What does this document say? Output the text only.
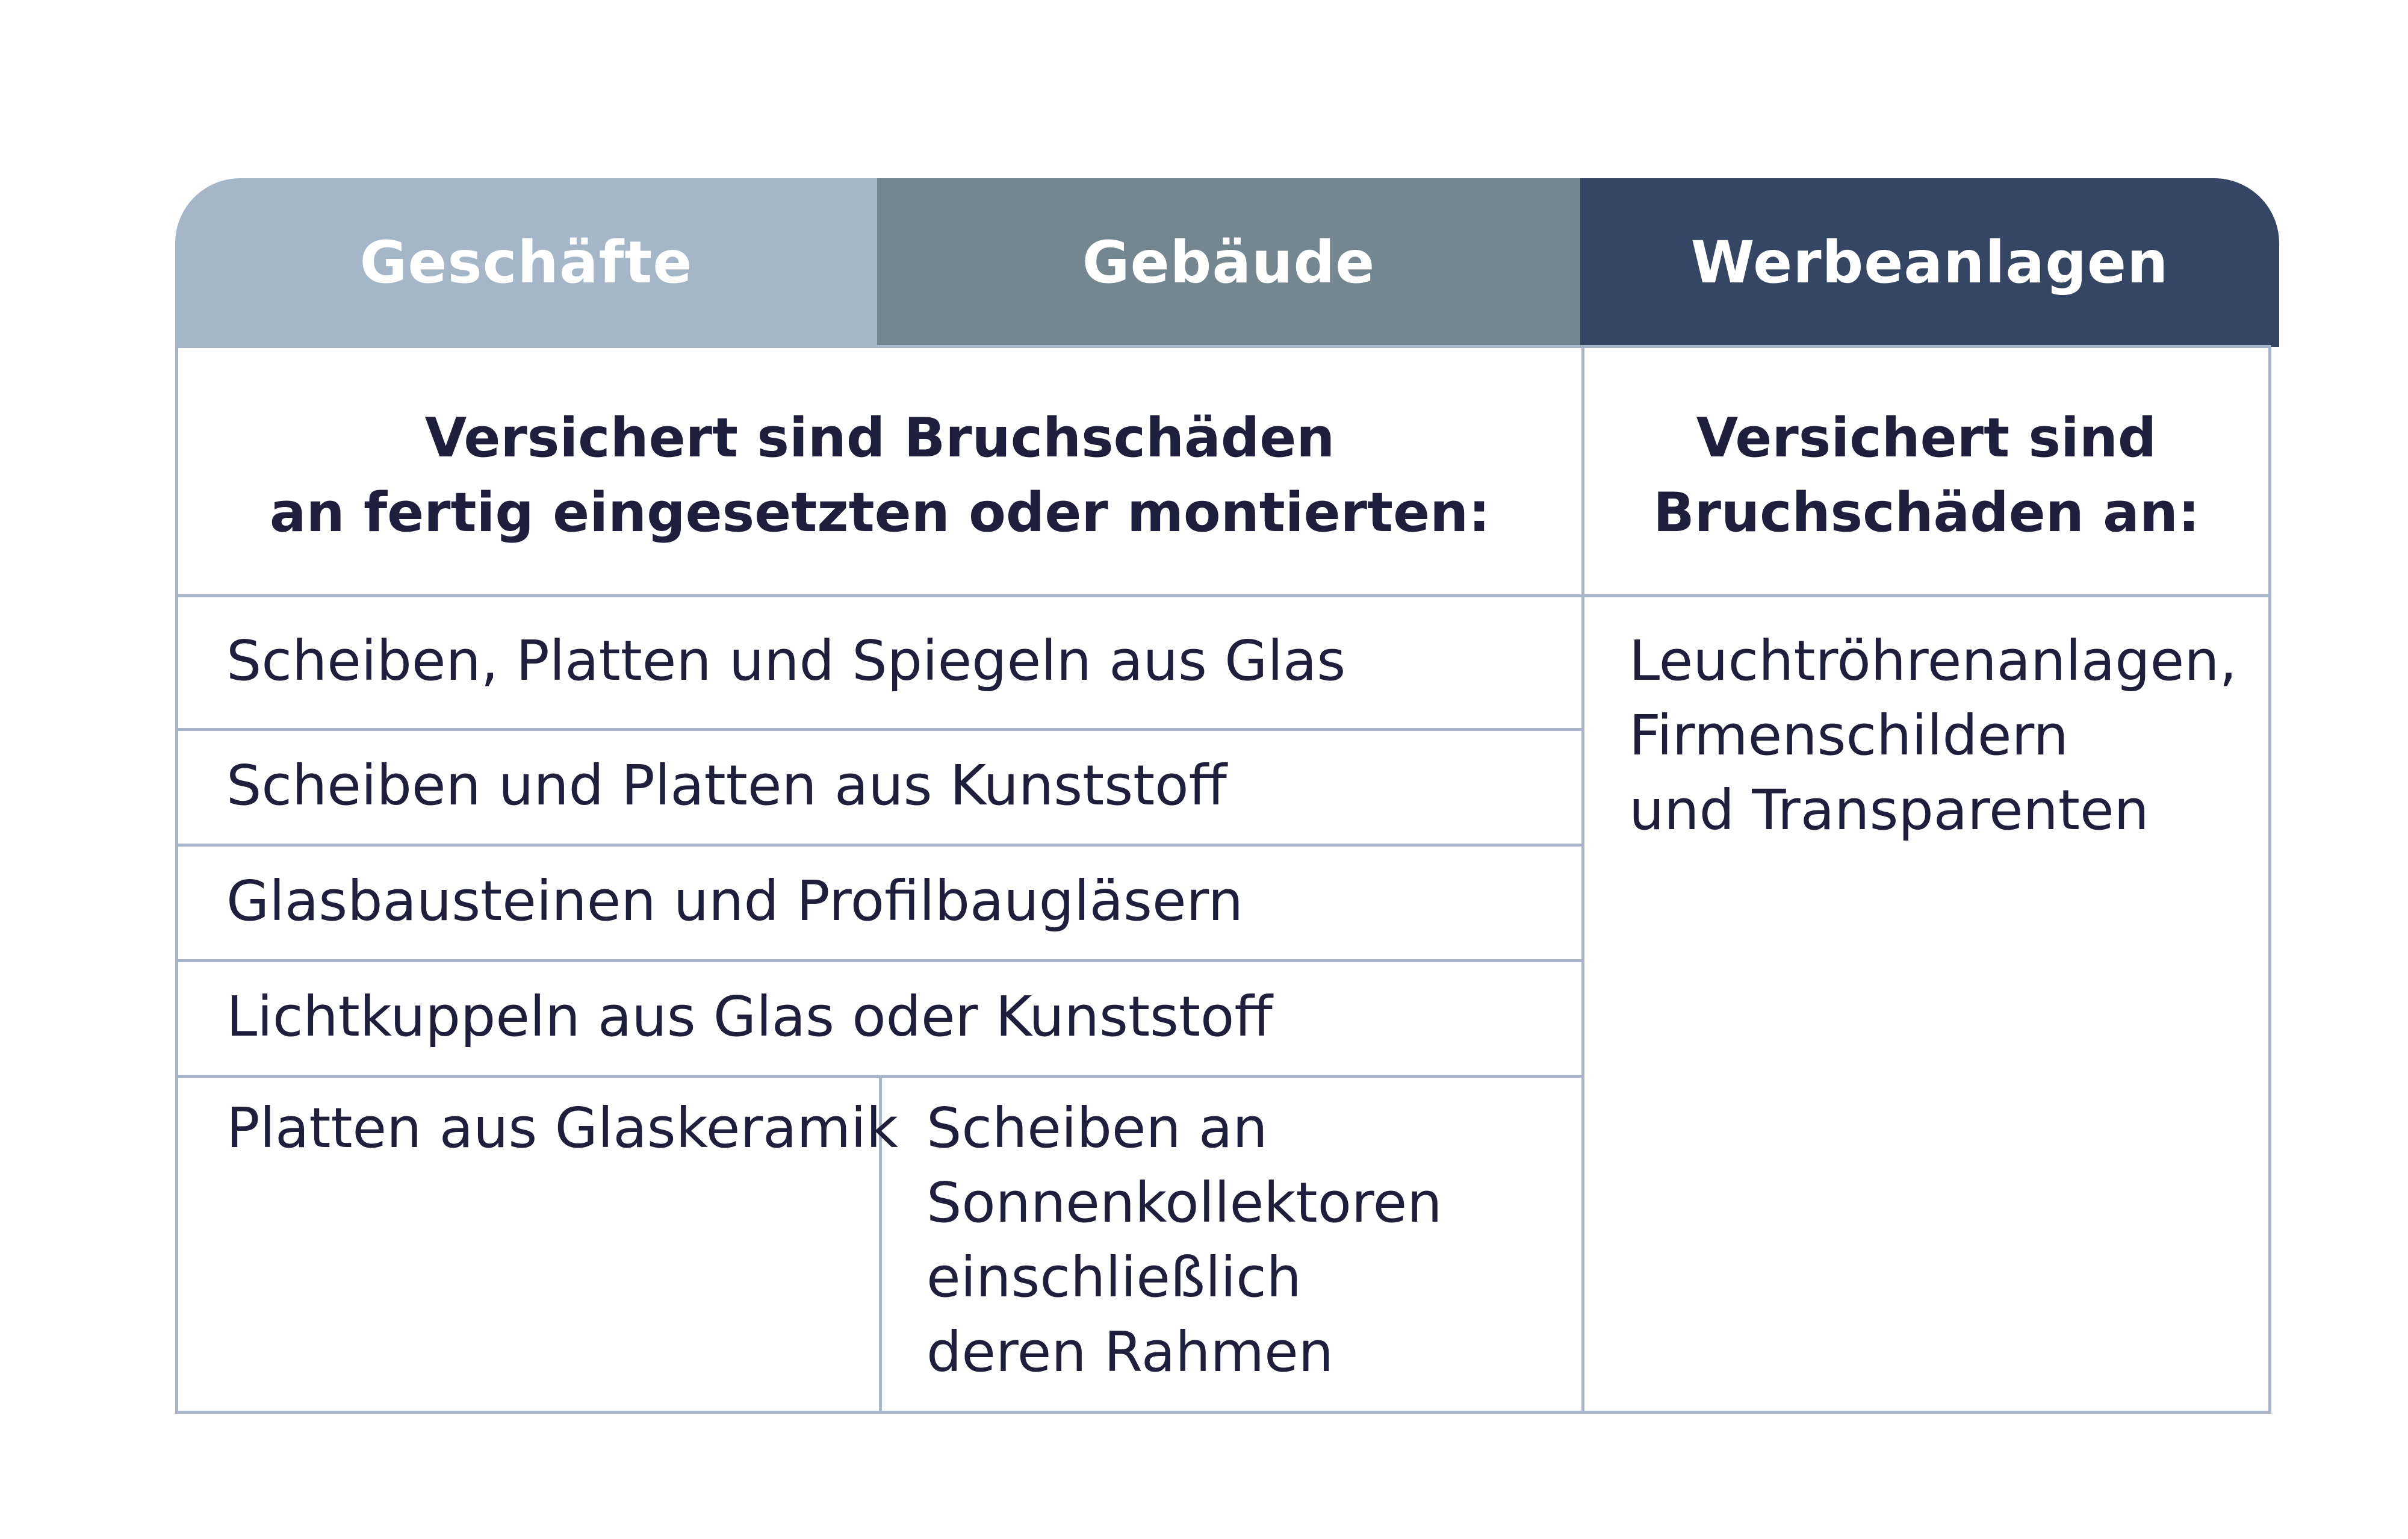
Geschäfte	Gebäude	Werbeanlagen
Versichert sind Bruchschäden
an fertig eingesetzten oder montierten:
Versichert sind
Bruchschäden an:
Scheiben, Platten und Spiegeln aus Glas
Scheiben und Platten aus Kunststoff
Glasbausteinen und Profilbaugläsern
Lichtkuppeln aus Glas oder Kunststoff
Platten aus Glaskeramik Scheiben an
Sonnenkollektoren
einschließlich
deren Rahmen
Leuchtröhrenanlagen,
Firmenschildern
und Transparenten
